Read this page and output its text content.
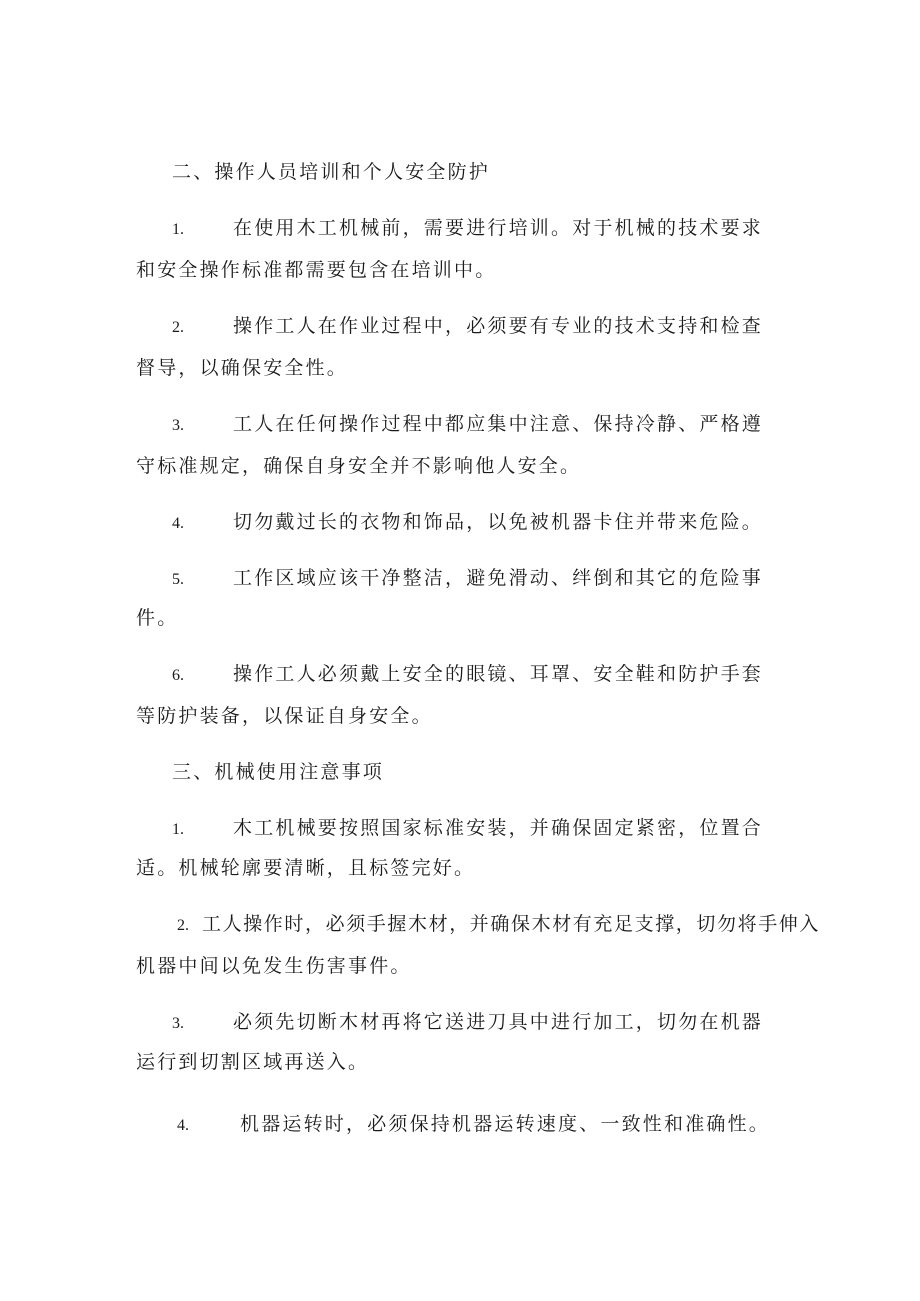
二、操作人员培训和个人安全防护
1.	在使用木工机械前，需要进行培训。对于机械的技术要求
和安全操作标准都需要包含在培训中。
2.	操作工人在作业过程中，必须要有专业的技术支持和检查
督导，以确保安全性。
3.	工人在任何操作过程中都应集中注意、保持冷静、严格遵
守标准规定，确保自身安全并不影响他人安全。
4.	切勿戴过长的衣物和饰品，以免被机器卡住并带来危险。
5.	工作区域应该干净整洁，避免滑动、绊倒和其它的危险事
件。
6.	操作工人必须戴上安全的眼镜、耳罩、安全鞋和防护手套
等防护装备，以保证自身安全。
三、机械使用注意事项
1.	木工机械要按照国家标准安装，并确保固定紧密，位置合
适。机械轮廓要清晰，且标签完好。
2. 工人操作时，必须手握木材，并确保木材有充足支撑，切勿将手伸入
机器中间以免发生伤害事件。
3.	必须先切断木材再将它送进刀具中进行加工，切勿在机器
运行到切割区域再送入。
4.	机器运转时，必须保持机器运转速度、一致性和准确性。
